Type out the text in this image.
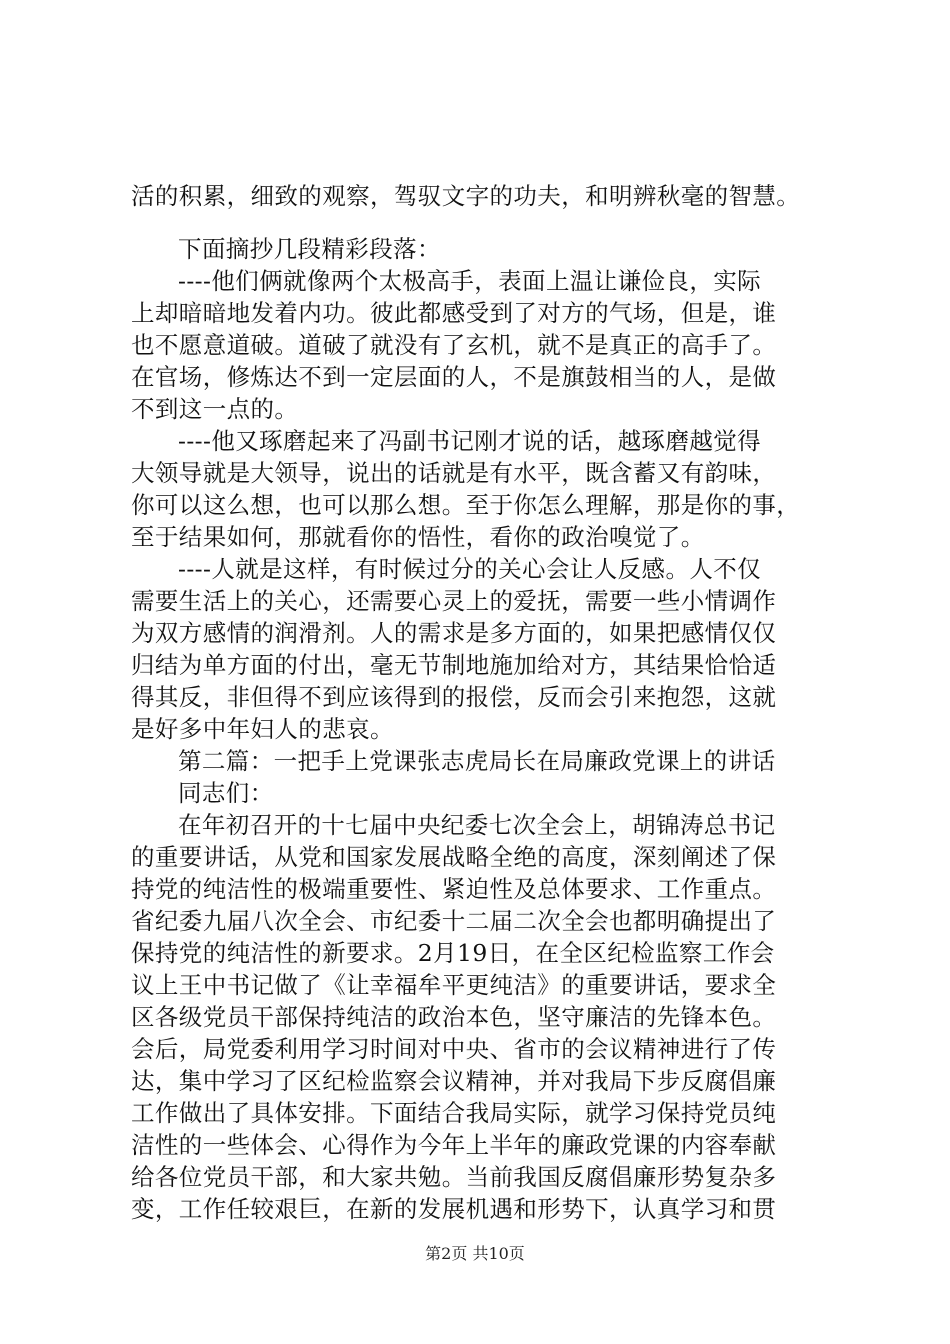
活的积累，细致的观察，驾驭文字的功夫，和明辨秋毫的智慧。
下面摘抄几段精彩段落：
----他们俩就像两个太极高手，表面上温让谦俭良，实际
上却暗暗地发着内功。彼此都感受到了对方的气场，但是，谁
也不愿意道破。道破了就没有了玄机，就不是真正的高手了。
在官场，修炼达不到一定层面的人，不是旗鼓相当的人，是做
不到这一点的。
----他又琢磨起来了冯副书记刚才说的话，越琢磨越觉得
大领导就是大领导，说出的话就是有水平，既含蓄又有韵味，
你可以这么想，也可以那么想。至于你怎么理解，那是你的事，
至于结果如何，那就看你的悟性，看你的政治嗅觉了。
----人就是这样，有时候过分的关心会让人反感。人不仅
需要生活上的关心，还需要心灵上的爱抚，需要一些小情调作
为双方感情的润滑剂。人的需求是多方面的，如果把感情仅仅
归结为单方面的付出，毫无节制地施加给对方，其结果恰恰适
得其反，非但得不到应该得到的报偿，反而会引来抱怨，这就
是好多中年妇人的悲哀。
第二篇：一把手上党课张志虎局长在局廉政党课上的讲话
同志们：
在年初召开的十七届中央纪委七次全会上，胡锦涛总书记
的重要讲话，从党和国家发展战略全绝的高度，深刻阐述了保
持党的纯洁性的极端重要性、紧迫性及总体要求、工作重点。
省纪委九届八次全会、市纪委十二届二次全会也都明确提出了
保持党的纯洁性的新要求。2月19日，在全区纪检监察工作会
议上王中书记做了《让幸福牟平更纯洁》的重要讲话，要求全
区各级党员干部保持纯洁的政治本色，坚守廉洁的先锋本色。
会后，局党委利用学习时间对中央、省市的会议精神进行了传
达，集中学习了区纪检监察会议精神，并对我局下步反腐倡廉
工作做出了具体安排。下面结合我局实际，就学习保持党员纯
洁性的一些体会、心得作为今年上半年的廉政党课的内容奉献
给各位党员干部，和大家共勉。当前我国反腐倡廉形势复杂多
变，工作任较艰巨，在新的发展机遇和形势下，认真学习和贯
第2页 共10页
